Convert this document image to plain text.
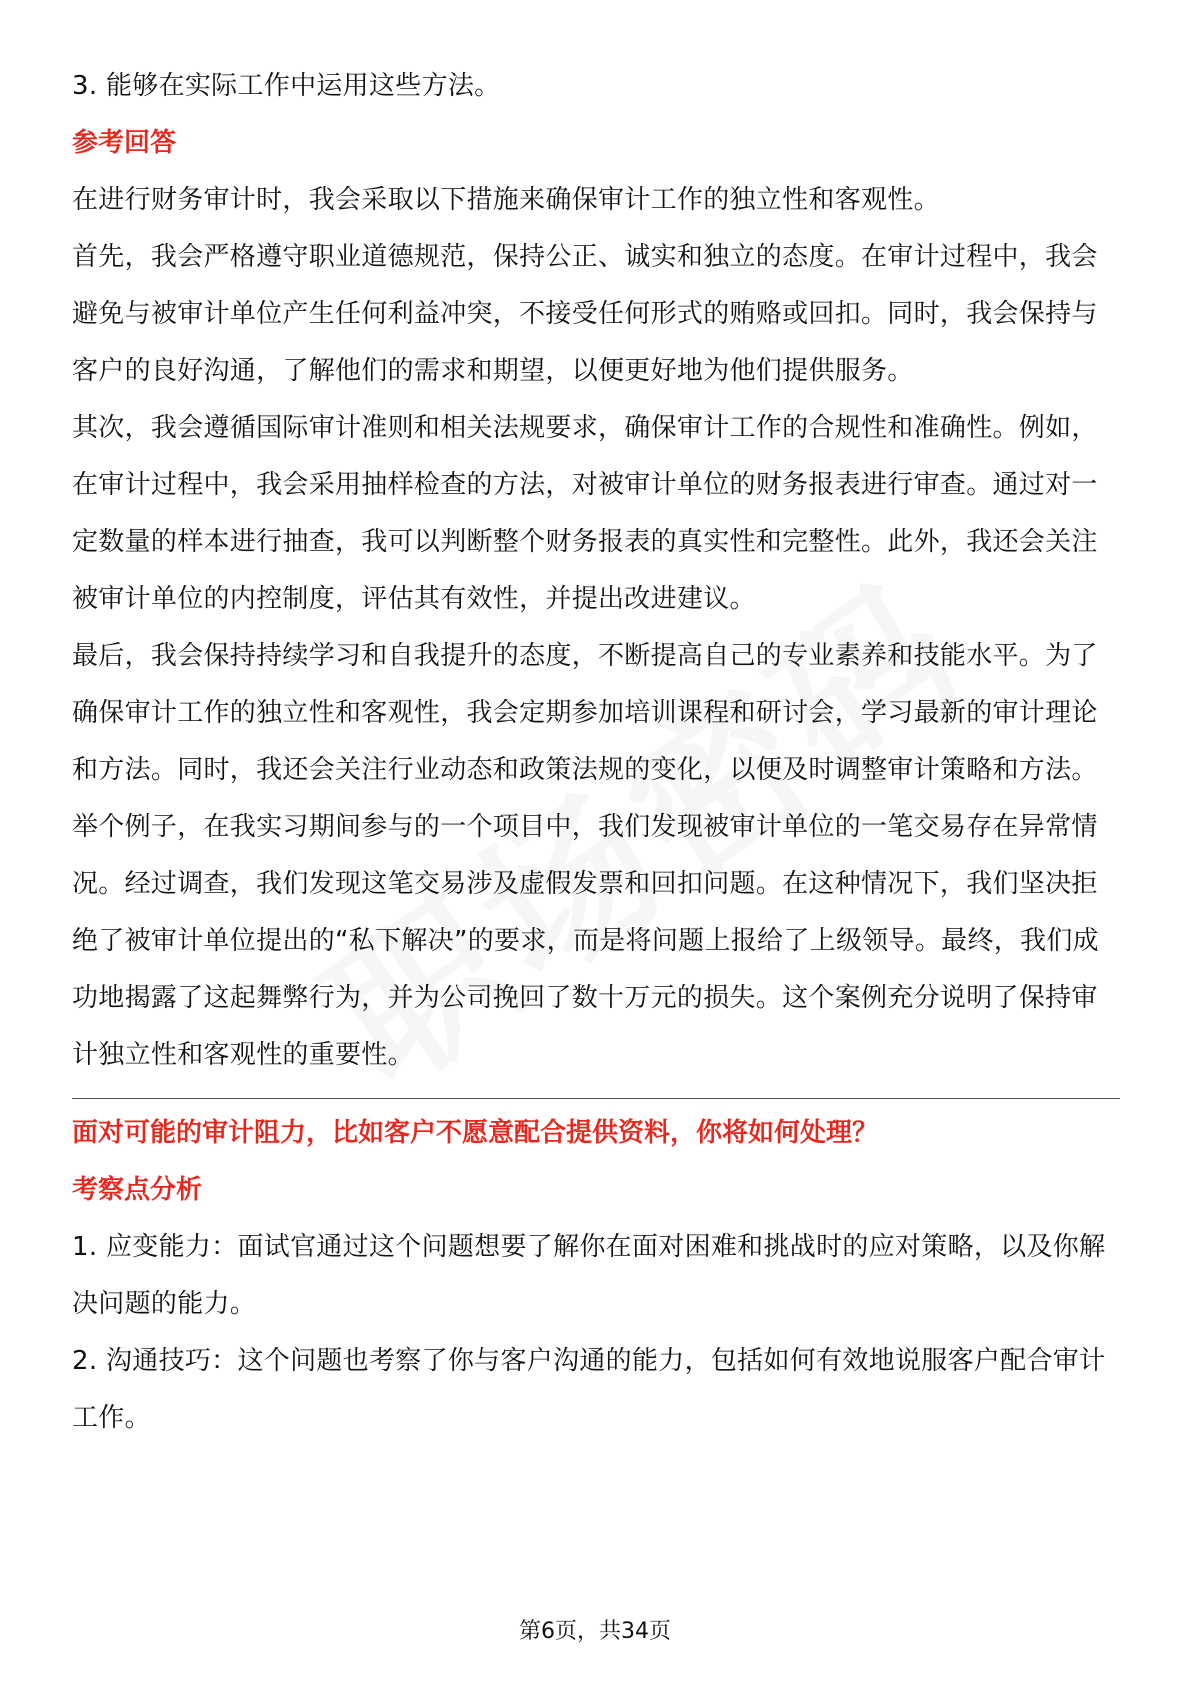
3. 能够在实际工作中运用这些方法。

参考回答

在进行财务审计时，我会采取以下措施来确保审计工作的独立性和客观性。

首先，我会严格遵守职业道德规范，保持公正、诚实和独立的态度。在审计过程中，我会避免与被审计单位产生任何利益冲突，不接受任何形式的贿赂或回扣。同时，我会保持与客户的良好沟通，了解他们的需求和期望，以便更好地为他们提供服务。

其次，我会遵循国际审计准则和相关法规要求，确保审计工作的合规性和准确性。例如，在审计过程中，我会采用抽样检查的方法，对被审计单位的财务报表进行审查。通过对一定数量的样本进行抽查，我可以判断整个财务报表的真实性和完整性。此外，我还会关注被审计单位的内控制度，评估其有效性，并提出改进建议。

最后，我会保持持续学习和自我提升的态度，不断提高自己的专业素养和技能水平。为了确保审计工作的独立性和客观性，我会定期参加培训课程和研讨会，学习最新的审计理论和方法。同时，我还会关注行业动态和政策法规的变化，以便及时调整审计策略和方法。

举个例子，在我实习期间参与的一个项目中，我们发现被审计单位的一笔交易存在异常情况。经过调查，我们发现这笔交易涉及虚假发票和回扣问题。在这种情况下，我们坚决拒绝了被审计单位提出的“私下解决”的要求，而是将问题上报给了上级领导。最终，我们成功地揭露了这起舞弊行为，并为公司挽回了数十万元的损失。这个案例充分说明了保持审计独立性和客观性的重要性。

面对可能的审计阻力，比如客户不愿意配合提供资料，你将如何处理？

考察点分析

1. 应变能力：面试官通过这个问题想要了解你在面对困难和挑战时的应对策略，以及你解决问题的能力。

2. 沟通技巧：这个问题也考察了你与客户沟通的能力，包括如何有效地说服客户配合审计工作。

第6页，共34页
